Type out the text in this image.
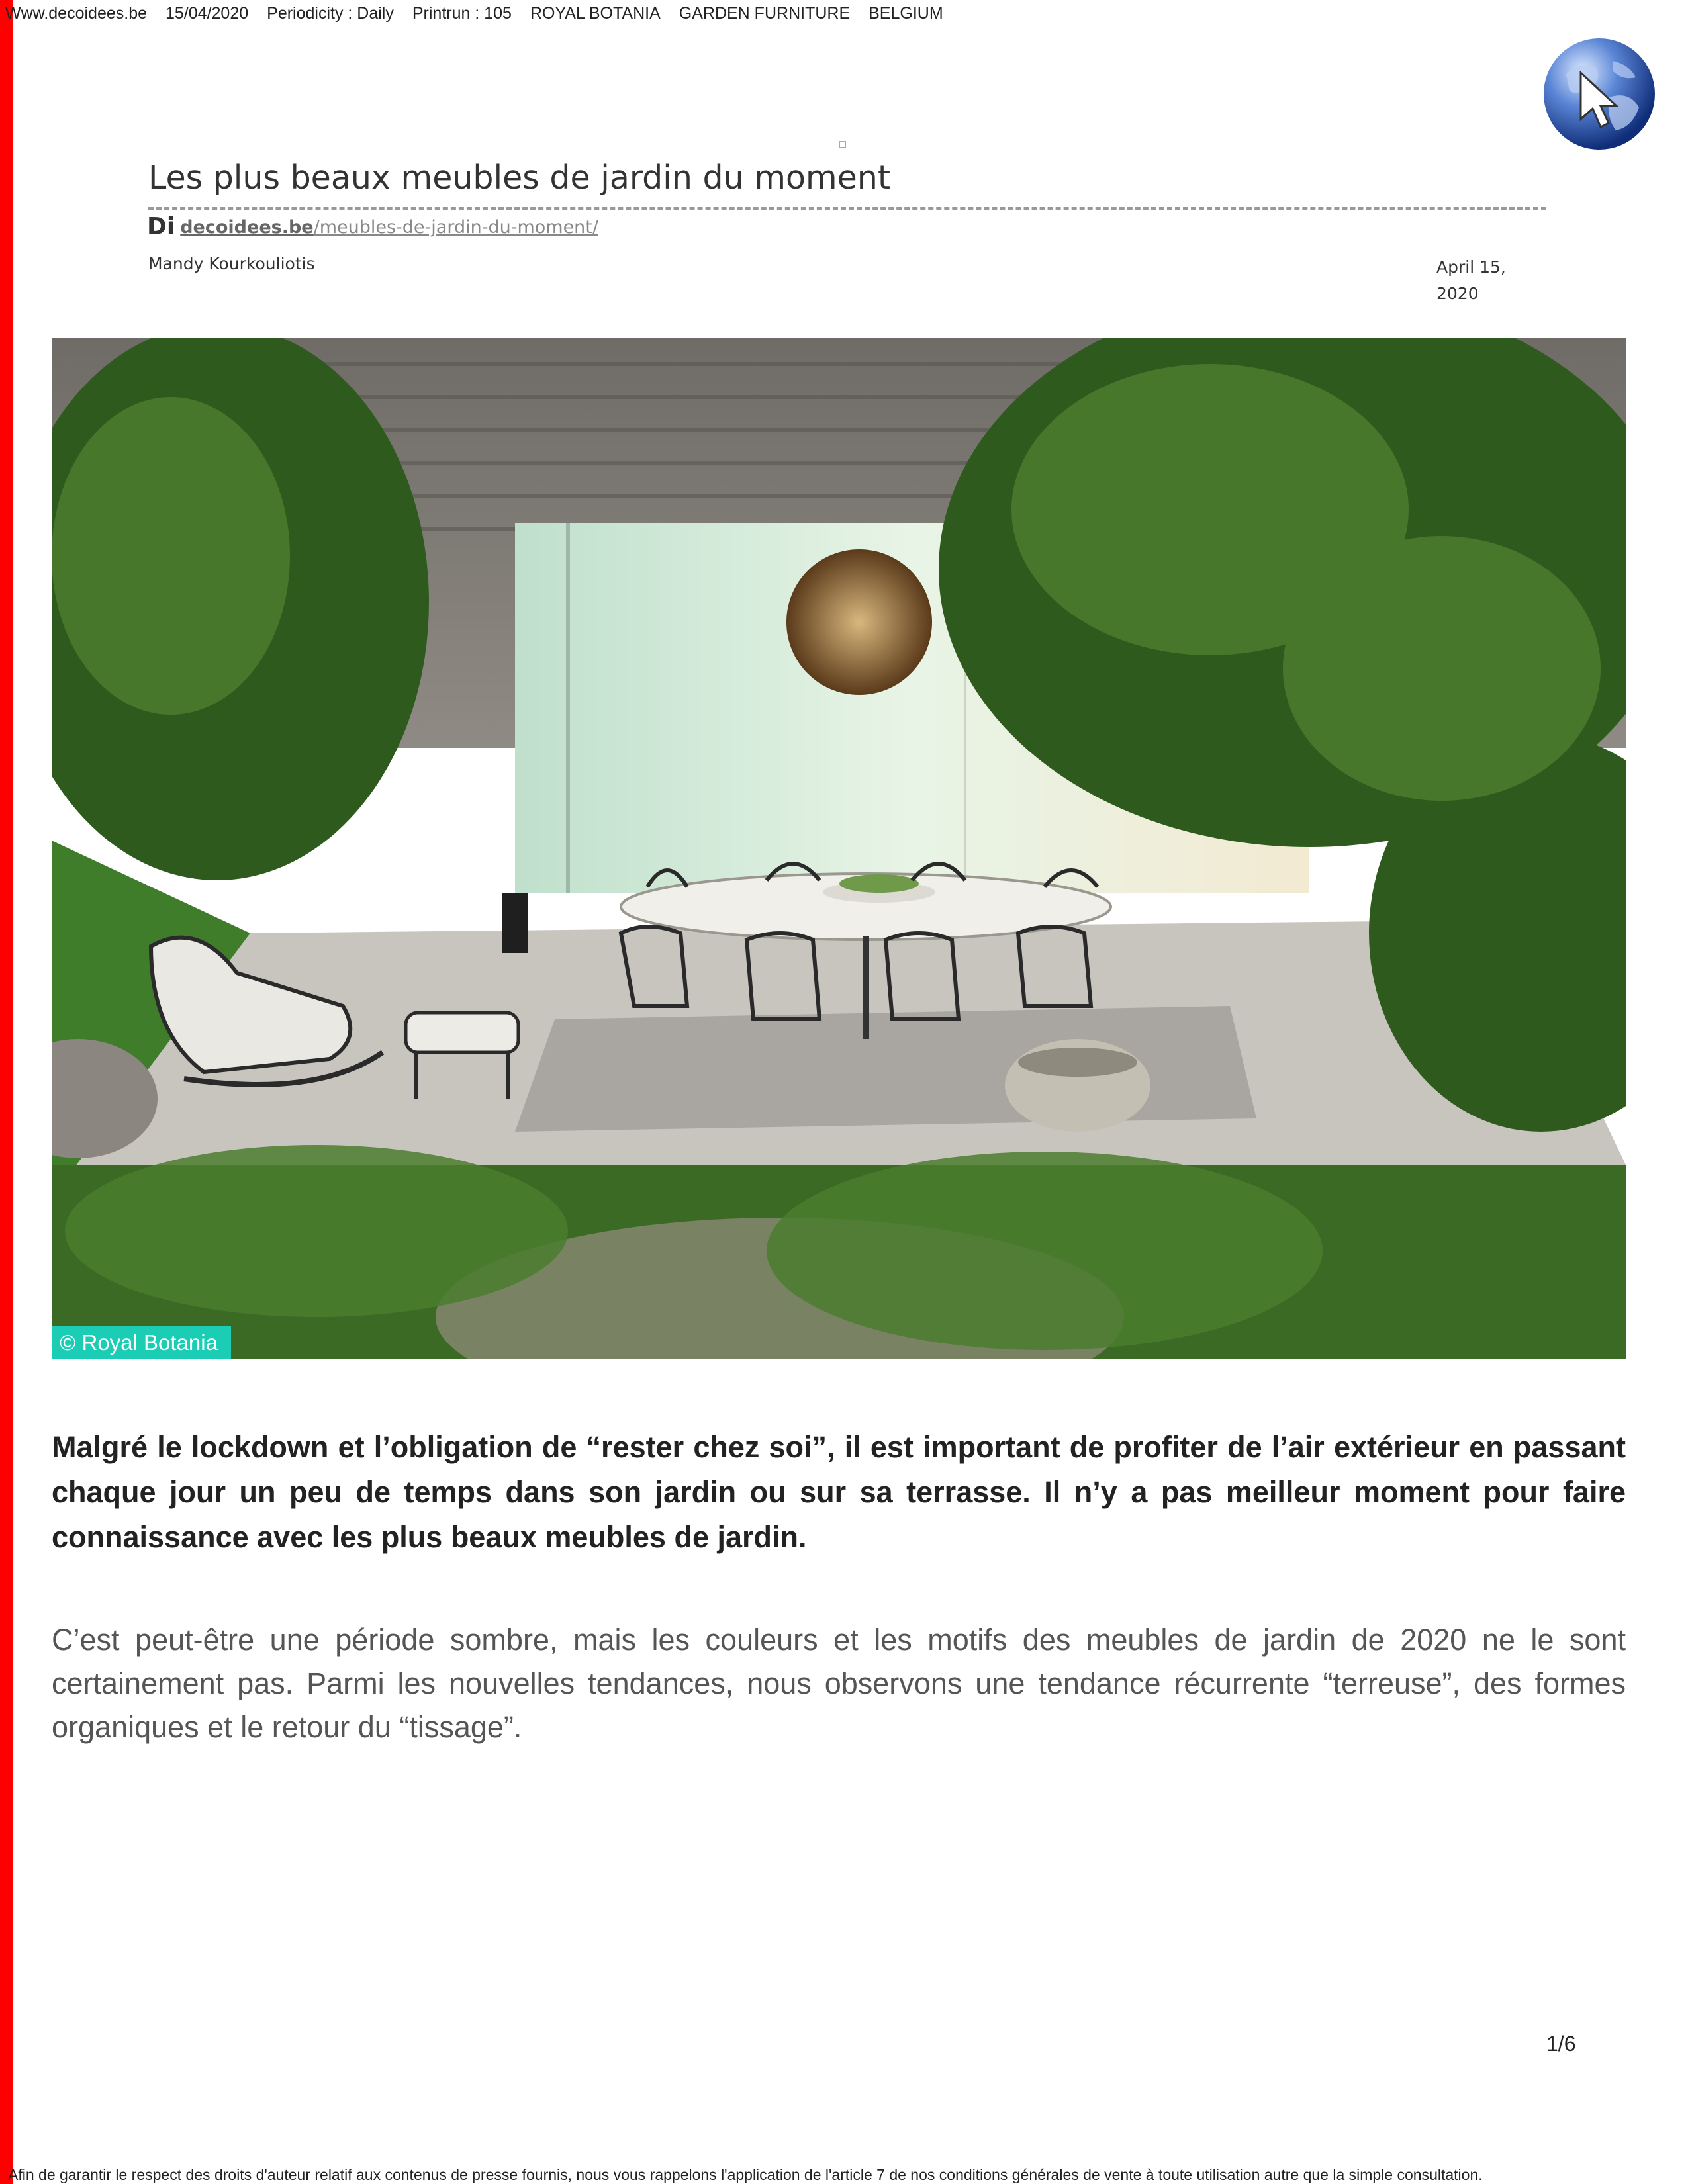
Www.decoidees.be 15/04/2020 Periodicity : Daily Printrun : 105 ROYAL BOTANIA GARDEN FURNITURE BELGIUM
Les plus beaux meubles de jardin du moment
Di decoidees.be/meubles-de-jardin-du-moment/
Mandy Kourkouliotis	April 15, 2020
© Royal Botania

Malgré le lockdown et l’obligation de “rester chez soi”, il est important de profiter de l’air extérieur en passant chaque jour un peu de temps dans son jardin ou sur sa terrasse. Il n’y a pas meilleur moment pour faire connaissance avec les plus beaux meubles de jardin.

C’est peut-être une période sombre, mais les couleurs et les motifs des meubles de jardin de 2020 ne le sont certainement pas. Parmi les nouvelles tendances, nous observons une tendance récurrente “terreuse”, des formes organiques et le retour du “tissage”.

1/6
Afin de garantir le respect des droits d'auteur relatif aux contenus de presse fournis, nous vous rappelons l'application de l'article 7 de nos conditions générales de vente à toute utilisation autre que la simple consultation.
